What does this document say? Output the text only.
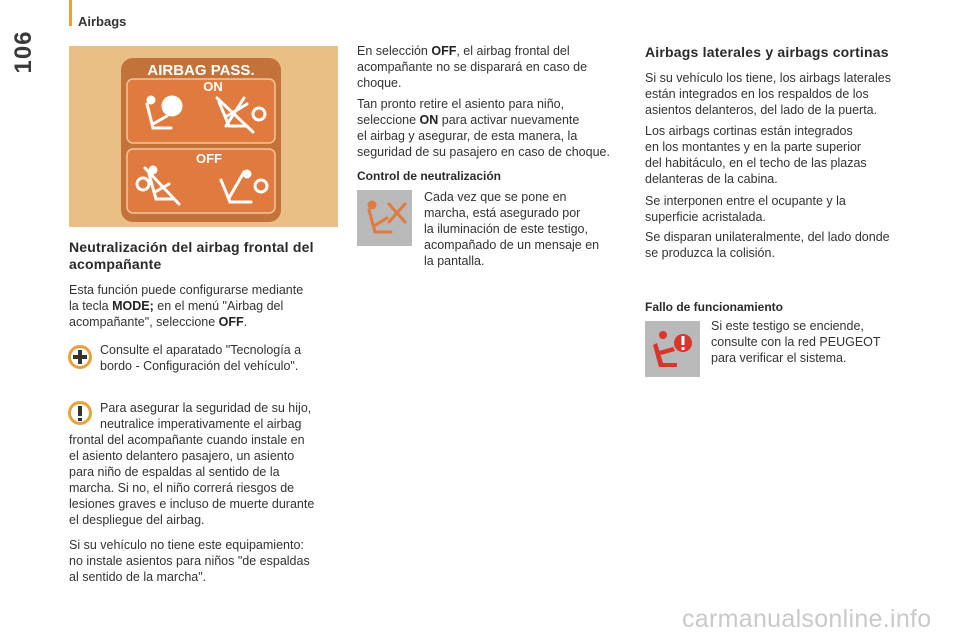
Airbags
106	AIRBAG PASS.
ON
OFF
Neutralización del airbag frontal del
acompañante
Esta función puede configurarse mediante
la tecla MODE; en el menú "Airbag del
acompañante", seleccione OFF.
Consulte el aparatado "Tecnología a
bordo - Configuración del vehículo".
Para asegurar la seguridad de su hijo,
neutralice imperativamente el airbag
frontal del acompañante cuando instale en
el asiento delantero pasajero, un asiento
para niño de espaldas al sentido de la
marcha. Si no, el niño correrá riesgos de
lesiones graves e incluso de muerte durante
el despliegue del airbag.
Si su vehículo no tiene este equipamiento:
no instale asientos para niños "de espaldas
al sentido de la marcha".
En selección OFF, el airbag frontal del
acompañante no se disparará en caso de
choque.
Tan pronto retire el asiento para niño,
seleccione ON para activar nuevamente
el airbag y asegurar, de esta manera, la
seguridad de su pasajero en caso de choque.
Control de neutralización
Cada vez que se pone en
marcha, está asegurado por
la iluminación de este testigo,
acompañado de un mensaje en
la pantalla.
Airbags laterales y airbags cortinas
Si su vehículo los tiene, los airbags laterales
están integrados en los respaldos de los
asientos delanteros, del lado de la puerta.
Los airbags cortinas están integrados
en los montantes y en la parte superior
del habitáculo, en el techo de las plazas
delanteras de la cabina.
Se interponen entre el ocupante y la
superficie acristalada.
Se disparan unilateralmente, del lado donde
se produzca la colisión.
Fallo de funcionamiento
Si este testigo se enciende,
consulte con la red PEUGEOT
para verificar el sistema.
carmanualsonline.info
